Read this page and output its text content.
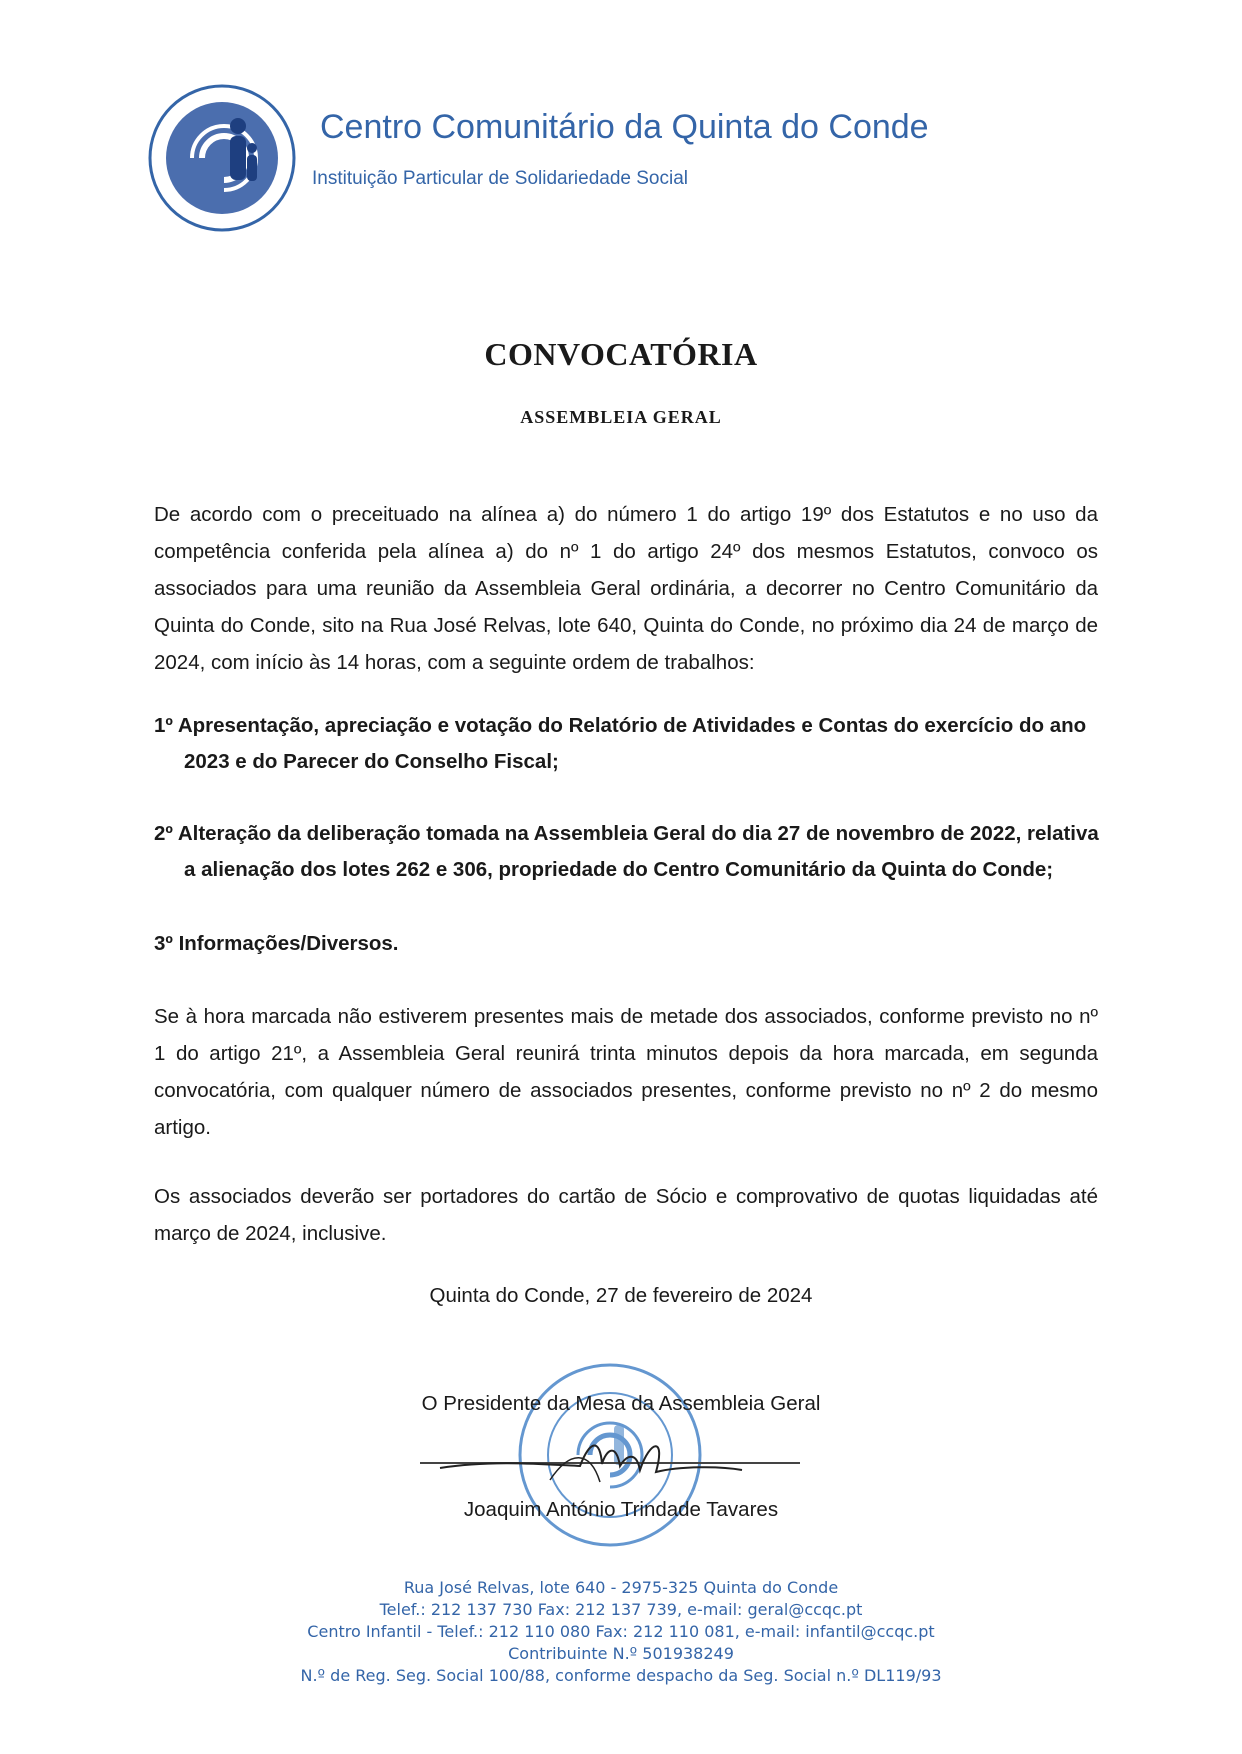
Centro Comunitário da Quinta do Conde
Instituição Particular de Solidariedade Social
CONVOCATÓRIA
ASSEMBLEIA GERAL
De acordo com o preceituado na alínea a) do número 1 do artigo 19º dos Estatutos e no uso da competência conferida pela alínea a) do nº 1 do artigo 24º dos mesmos Estatutos, convoco os associados para uma reunião da Assembleia Geral ordinária, a decorrer no Centro Comunitário da Quinta do Conde, sito na Rua José Relvas, lote 640, Quinta do Conde, no próximo dia 24 de março de 2024, com início às 14 horas, com a seguinte ordem de trabalhos:
1º Apresentação, apreciação e votação do Relatório de Atividades e Contas do exercício do ano
2023 e do Parecer do Conselho Fiscal;
2º Alteração da deliberação tomada na Assembleia Geral do dia 27 de novembro de 2022, relativa
a alienação dos lotes 262 e 306, propriedade do Centro Comunitário da Quinta do Conde;
3º Informações/Diversos.
Se à hora marcada não estiverem presentes mais de metade dos associados, conforme previsto no nº 1 do artigo 21º, a Assembleia Geral reunirá trinta minutos depois da hora marcada, em segunda convocatória, com qualquer número de associados presentes, conforme previsto no nº 2 do mesmo artigo.
Os associados deverão ser portadores do cartão de Sócio e comprovativo de quotas liquidadas até março de 2024, inclusive.
Quinta do Conde, 27 de fevereiro de 2024
O Presidente da Mesa da Assembleia Geral
Joaquim António Trindade Tavares
Rua José Relvas, lote 640 - 2975-325 Quinta do Conde
Telef.: 212 137 730 Fax: 212 137 739, e-mail: geral@ccqc.pt
Centro Infantil - Telef.: 212 110 080 Fax: 212 110 081, e-mail: infantil@ccqc.pt
Contribuinte N.º 501938249
N.º de Reg. Seg. Social 100/88, conforme despacho da Seg. Social n.º DL119/93
